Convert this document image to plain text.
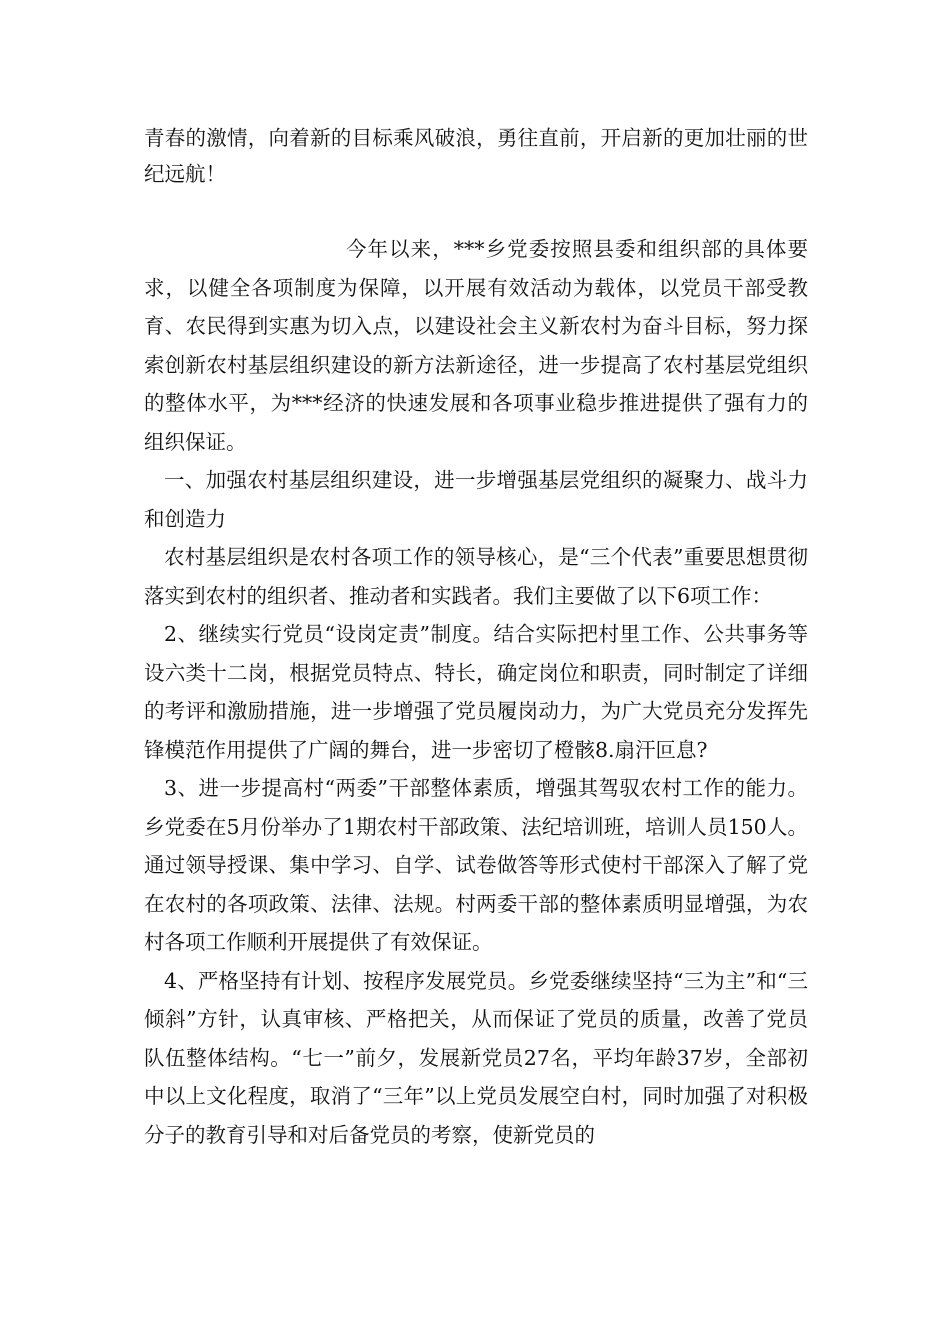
青春的激情，向着新的目标乘风破浪，勇往直前，开启新的更加壮丽的世纪远航！

今年以来，***乡党委按照县委和组织部的具体要求，以健全各项制度为保障，以开展有效活动为载体，以党员干部受教育、农民得到实惠为切入点，以建设社会主义新农村为奋斗目标，努力探索创新农村基层组织建设的新方法新途径，进一步提高了农村基层党组织的整体水平，为***经济的快速发展和各项事业稳步推进提供了强有力的组织保证。

一、加强农村基层组织建设，进一步增强基层党组织的凝聚力、战斗力和创造力

农村基层组织是农村各项工作的领导核心，是“三个代表”重要思想贯彻落实到农村的组织者、推动者和实践者。我们主要做了以下6项工作：

2、继续实行党员“设岗定责”制度。结合实际把村里工作、公共事务等设六类十二岗，根据党员特点、特长，确定岗位和职责，同时制定了详细的考评和激励措施，进一步增强了党员履岗动力，为广大党员充分发挥先锋模范作用提供了广阔的舞台，进一步密切了橙骸8.扇汗叵息?

3、进一步提高村“两委”干部整体素质，增强其驾驭农村工作的能力。乡党委在5月份举办了1期农村干部政策、法纪培训班，培训人员150人。通过领导授课、集中学习、自学、试卷做答等形式使村干部深入了解了党在农村的各项政策、法律、法规。村两委干部的整体素质明显增强，为农村各项工作顺利开展提供了有效保证。

4、严格坚持有计划、按程序发展党员。乡党委继续坚持“三为主”和“三倾斜”方针，认真审核、严格把关，从而保证了党员的质量，改善了党员队伍整体结构。“七一”前夕，发展新党员27名，平均年龄37岁，全部初中以上文化程度，取消了“三年”以上党员发展空白村，同时加强了对积极分子的教育引导和对后备党员的考察，使新党员的
